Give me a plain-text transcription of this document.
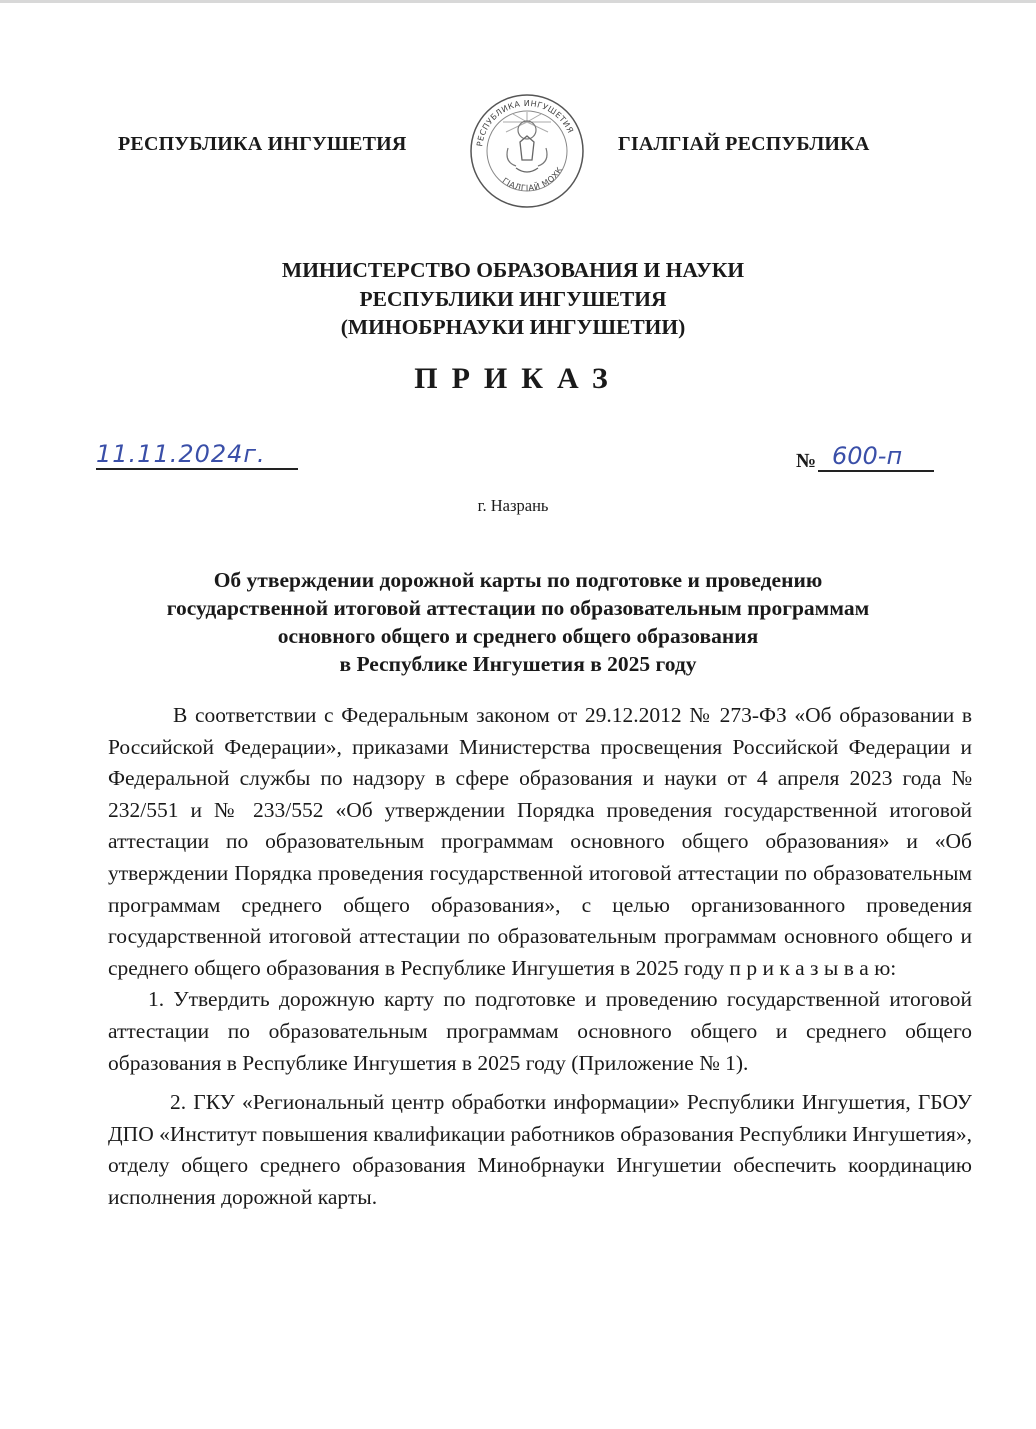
РЕСПУБЛИКА ИНГУШЕТИЯ	РЕСПУБЛИКА ИНГУШЕТИЯ
ГIАЛГIАЙ МОХК
ГIАЛГIАЙ РЕСПУБЛИКА
МИНИСТЕРСТВО ОБРАЗОВАНИЯ И НАУКИ
РЕСПУБЛИКИ ИНГУШЕТИЯ
(МИНОБРНАУКИ ИНГУШЕТИИ)
ПРИКАЗ
11.11.2024г.	№ 600-п
г. Назрань
Об утверждении дорожной карты по подготовке и проведению
государственной итоговой аттестации по образовательным программам
основного общего и среднего общего образования
в Республике Ингушетия в 2025 году

В соответствии с Федеральным законом от 29.12.2012 № 273-ФЗ «Об образовании в Российской Федерации», приказами Министерства просвещения Российской Федерации и Федеральной службы по надзору в сфере образования и науки от 4 апреля 2023 года № 232/551 и № 233/552 «Об утверждении Порядка проведения государственной итоговой аттестации по образовательным программам основного общего образования» и «Об утверждении Порядка проведения государственной итоговой аттестации по образовательным программам среднего общего образования», с целью организованного проведения государственной итоговой аттестации по образовательным программам основного общего и среднего общего образования в Республике Ингушетия в 2025 году п р и к а з ы в а ю:

1. Утвердить дорожную карту по подготовке и проведению государственной итоговой аттестации по образовательным программам основного общего и среднего общего образования в Республике Ингушетия в 2025 году (Приложение № 1).

2. ГКУ «Региональный центр обработки информации» Республики Ингушетия, ГБОУ ДПО «Институт повышения квалификации работников образования Республики Ингушетия», отделу общего среднего образования Минобрнауки Ингушетии обеспечить координацию исполнения дорожной карты.
